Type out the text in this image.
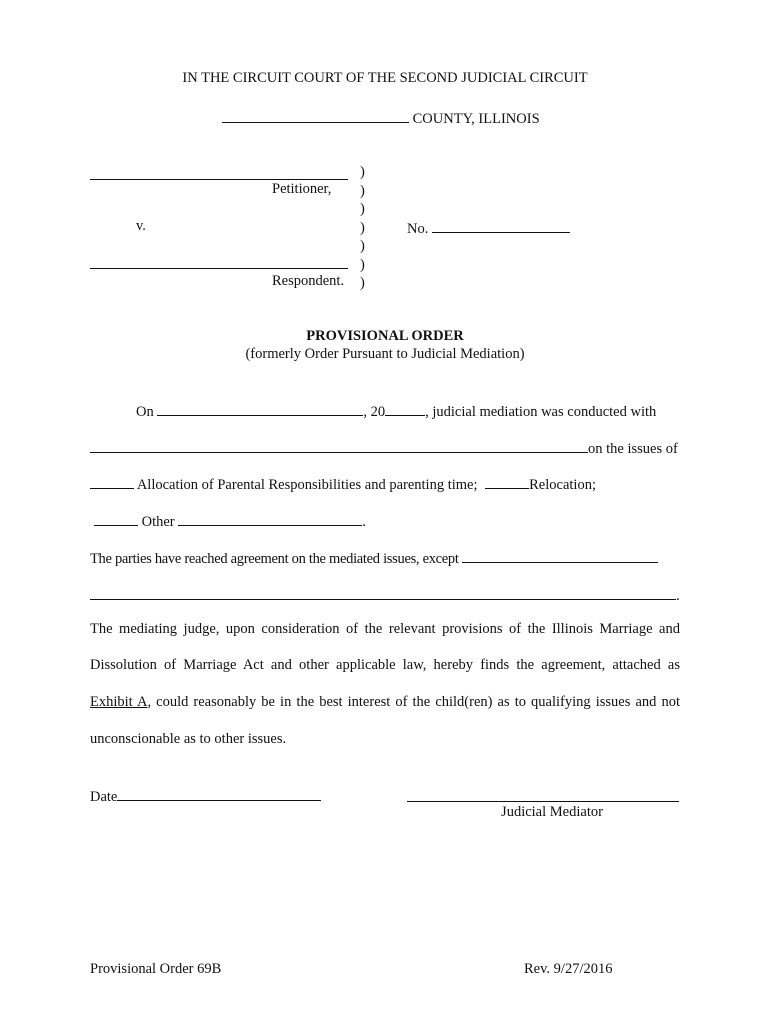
IN THE CIRCUIT COURT OF THE SECOND JUDICIAL CIRCUIT
COUNTY, ILLINOIS
Petitioner,
v.
Respondent.
)
)
)
)
)
)
)
No.
PROVISIONAL ORDER
(formerly Order Pursuant to Judicial Mediation)
On	, 20	, judicial mediation was conducted with
on the issues of
Allocation of Parental Responsibilities and parenting time;	Relocation;
Other	.
The parties have reached agreement on the mediated issues, except
.
The mediating judge, upon consideration of the relevant provisions of the Illinois Marriage and
Dissolution of Marriage Act and other applicable law, hereby finds the agreement, attached as
Exhibit A, could reasonably be in the best interest of the child(ren) as to qualifying issues and not
unconscionable as to other issues.
Date
Judicial Mediator
Provisional Order 69B	Rev. 9/27/2016
